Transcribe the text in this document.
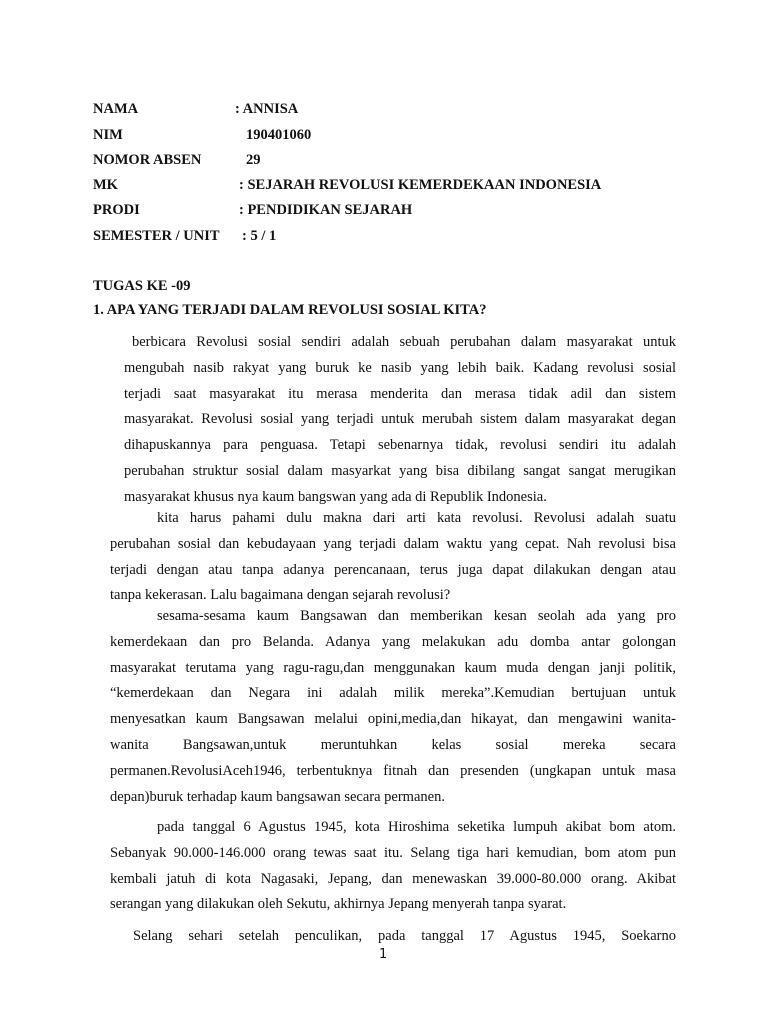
NAMA	: ANNISA
NIM	190401060
NOMOR ABSEN	29
MK	: SEJARAH REVOLUSI KEMERDEKAAN INDONESIA
PRODI	: PENDIDIKAN SEJARAH
SEMESTER / UNIT : 5 / 1
TUGAS KE -09
1. APA YANG TERJADI DALAM REVOLUSI SOSIAL KITA?
berbicara Revolusi sosial sendiri adalah sebuah perubahan dalam masyarakat untuk
mengubah nasib rakyat yang buruk ke nasib yang lebih baik. Kadang revolusi sosial
terjadi saat masyarakat itu merasa menderita dan merasa tidak adil dan sistem
masyarakat. Revolusi sosial yang terjadi untuk merubah sistem dalam masyarakat degan
dihapuskannya para penguasa. Tetapi sebenarnya tidak, revolusi sendiri itu adalah
perubahan struktur sosial dalam masyarkat yang bisa dibilang sangat sangat merugikan
masyarakat khusus nya kaum bangswan yang ada di Republik Indonesia.
kita harus pahami dulu makna dari arti kata revolusi. Revolusi adalah suatu
perubahan sosial dan kebudayaan yang terjadi dalam waktu yang cepat. Nah revolusi bisa
terjadi dengan atau tanpa adanya perencanaan, terus juga dapat dilakukan dengan atau
tanpa kekerasan. Lalu bagaimana dengan sejarah revolusi?
sesama-sesama kaum Bangsawan dan memberikan kesan seolah ada yang pro
kemerdekaan dan pro Belanda. Adanya yang melakukan adu domba antar golongan
masyarakat terutama yang ragu-ragu,dan menggunakan kaum muda dengan janji politik,
“kemerdekaan dan Negara ini adalah milik mereka”.Kemudian bertujuan untuk
menyesatkan kaum Bangsawan melalui opini,media,dan hikayat, dan mengawini wanita-
wanita Bangsawan,untuk meruntuhkan kelas sosial mereka secara
permanen.RevolusiAceh1946, terbentuknya fitnah dan presenden (ungkapan untuk masa
depan)buruk terhadap kaum bangsawan secara permanen.
pada tanggal 6 Agustus 1945, kota Hiroshima seketika lumpuh akibat bom atom.
Sebanyak 90.000-146.000 orang tewas saat itu. Selang tiga hari kemudian, bom atom pun
kembali jatuh di kota Nagasaki, Jepang, dan menewaskan 39.000-80.000 orang. Akibat
serangan yang dilakukan oleh Sekutu, akhirnya Jepang menyerah tanpa syarat.
Selang sehari setelah penculikan, pada tanggal 17 Agustus 1945, Soekarno
1
